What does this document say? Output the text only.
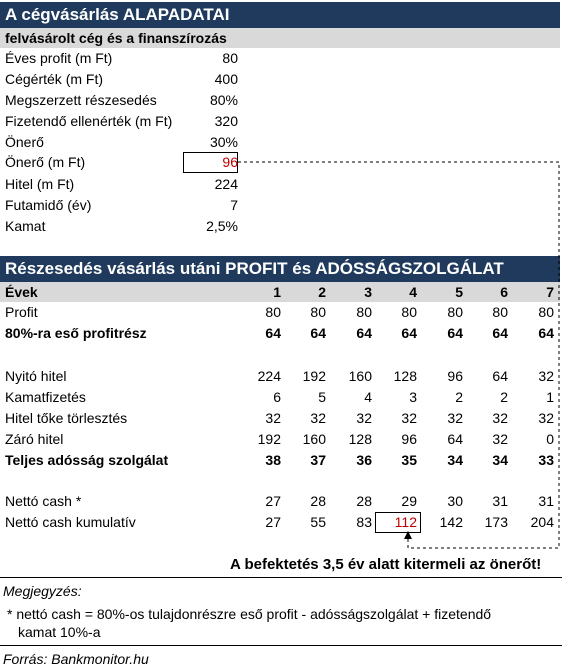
A cégvásárlás ALAPADATAI
felvásárolt cég és a finanszírozás
Éves profit (m Ft)	80
Cégérték (m Ft)	400
Megszerzett részesedés	80%
Fizetendő ellenérték (m Ft)	320
Önerő	30%
Önerő (m Ft)	96
Hitel (m Ft)	224
Futamidő (év)	7
Kamat	2,5%
Részesedés vásárlás utáni PROFIT és ADÓSSÁGSZOLGÁLAT
Évek	1	2	3	4	5	6	7
Profit	80	80	80	80	80	80	80
80%-ra eső profitrész	64	64	64	64	64	64	64
Nyitó hitel	224	192	160	128	96	64	32
Kamatfizetés	6	5	4	3	2	2	1
Hitel tőke törlesztés	32	32	32	32	32	32	32
Záró hitel	192	160	128	96	64	32	0
Teljes adósság szolgálat	38	37	36	35	34	34	33
Nettó cash *	27	28	28	29	30	31	31
Nettó cash kumulatív	27	55	83	112	142	173	204
A befektetés 3,5 év alatt kitermeli az önerőt!
Megjegyzés:
* nettó cash = 80%-os tulajdonrészre eső profit - adósságszolgálat + fizetendő
kamat 10%-a
Forrás: Bankmonitor.hu
